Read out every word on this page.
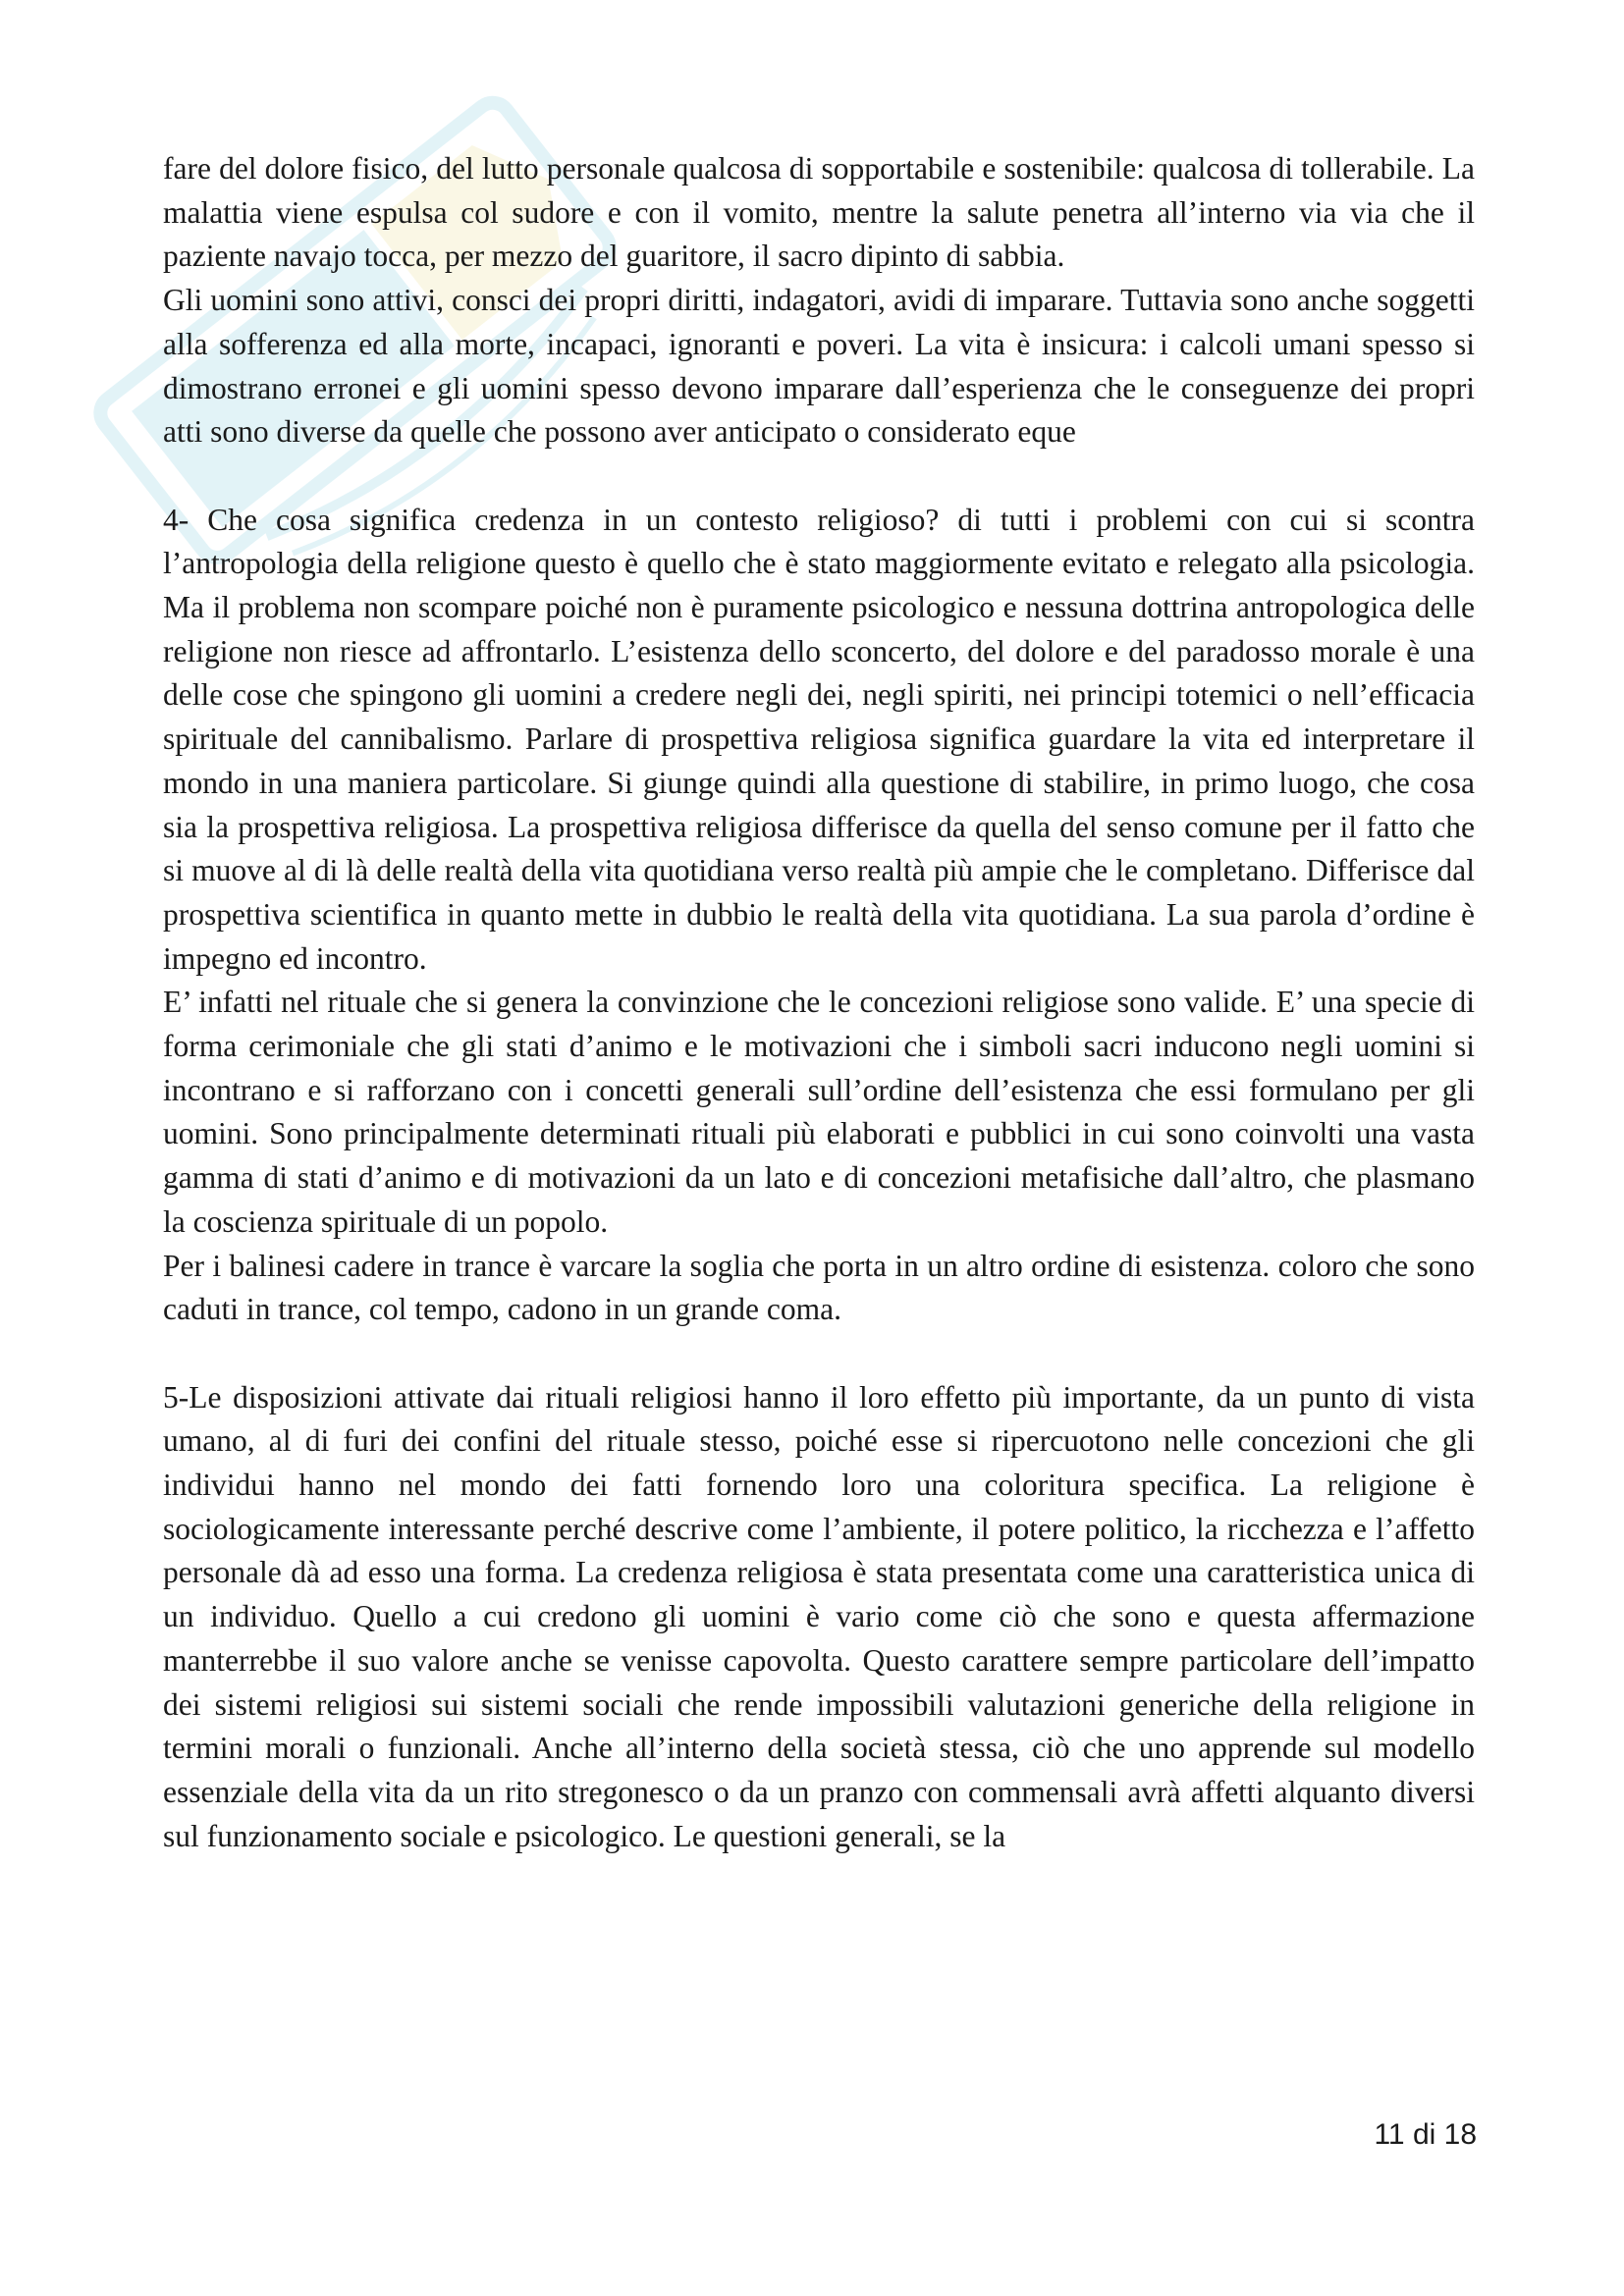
fare del dolore fisico, del lutto personale qualcosa di sopportabile e sostenibile: qualcosa di tollerabile. La malattia viene espulsa col sudore e con il vomito, mentre la salute penetra all’interno via via che il paziente navajo tocca, per mezzo del guaritore, il sacro dipinto di sabbia.

Gli uomini sono attivi, consci dei propri diritti, indagatori, avidi di imparare. Tuttavia sono anche soggetti alla sofferenza ed alla morte, incapaci, ignoranti e poveri. La vita è insicura: i calcoli umani spesso si dimostrano erronei e gli uomini spesso devono imparare dall’esperienza che le conseguenze dei propri atti sono diverse da quelle che possono aver anticipato o considerato eque

4- Che cosa significa credenza in un contesto religioso? di tutti i problemi con cui si scontra l’antropologia della religione questo è quello che è stato maggiormente evitato e relegato alla psicologia. Ma il problema non scompare poiché non è puramente psicologico e nessuna dottrina antropologica delle religione non riesce ad affrontarlo. L’esistenza dello sconcerto, del dolore e del paradosso morale è una delle cose che spingono gli uomini a credere negli dei, negli spiriti, nei principi totemici o nell’efficacia spirituale del cannibalismo. Parlare di prospettiva religiosa significa guardare la vita ed interpretare il mondo in una maniera particolare. Si giunge quindi alla questione di stabilire, in primo luogo, che cosa sia la prospettiva religiosa. La prospettiva religiosa differisce da quella del senso comune per il fatto che si muove al di là delle realtà della vita quotidiana verso realtà più ampie che le completano. Differisce dal prospettiva scientifica in quanto mette in dubbio le realtà della vita quotidiana. La sua parola d’ordine è impegno ed incontro.

E’ infatti nel rituale che si genera la convinzione che le concezioni religiose sono valide. E’ una specie di forma cerimoniale che gli stati d’animo e le motivazioni che i simboli sacri inducono negli uomini si incontrano e si rafforzano con i concetti generali sull’ordine dell’esistenza che essi formulano per gli uomini. Sono principalmente determinati rituali più elaborati e pubblici in cui sono coinvolti una vasta gamma di stati d’animo e di motivazioni da un lato e di concezioni metafisiche dall’altro, che plasmano la coscienza spirituale di un popolo.

Per i balinesi cadere in trance è varcare la soglia che porta in un altro ordine di esistenza. coloro che sono caduti in trance, col tempo, cadono in un grande coma.

5-Le disposizioni attivate dai rituali religiosi hanno il loro effetto più importante, da un punto di vista umano, al di furi dei confini del rituale stesso, poiché esse si ripercuotono nelle concezioni che gli individui hanno nel mondo dei fatti fornendo loro una coloritura specifica. La religione è sociologicamente interessante perché descrive come l’ambiente, il potere politico, la ricchezza e l’affetto personale dà ad esso una forma. La credenza religiosa è stata presentata come una caratteristica unica di un individuo. Quello a cui credono gli uomini è vario come ciò che sono e questa affermazione manterrebbe il suo valore anche se venisse capovolta. Questo carattere sempre particolare dell’impatto dei sistemi religiosi sui sistemi sociali che rende impossibili valutazioni generiche della religione in termini morali o funzionali. Anche all’interno della società stessa, ciò che uno apprende sul modello essenziale della vita da un rito stregonesco o da un pranzo con commensali avrà affetti alquanto diversi sul funzionamento sociale e psicologico. Le questioni generali, se la

11 di 18
